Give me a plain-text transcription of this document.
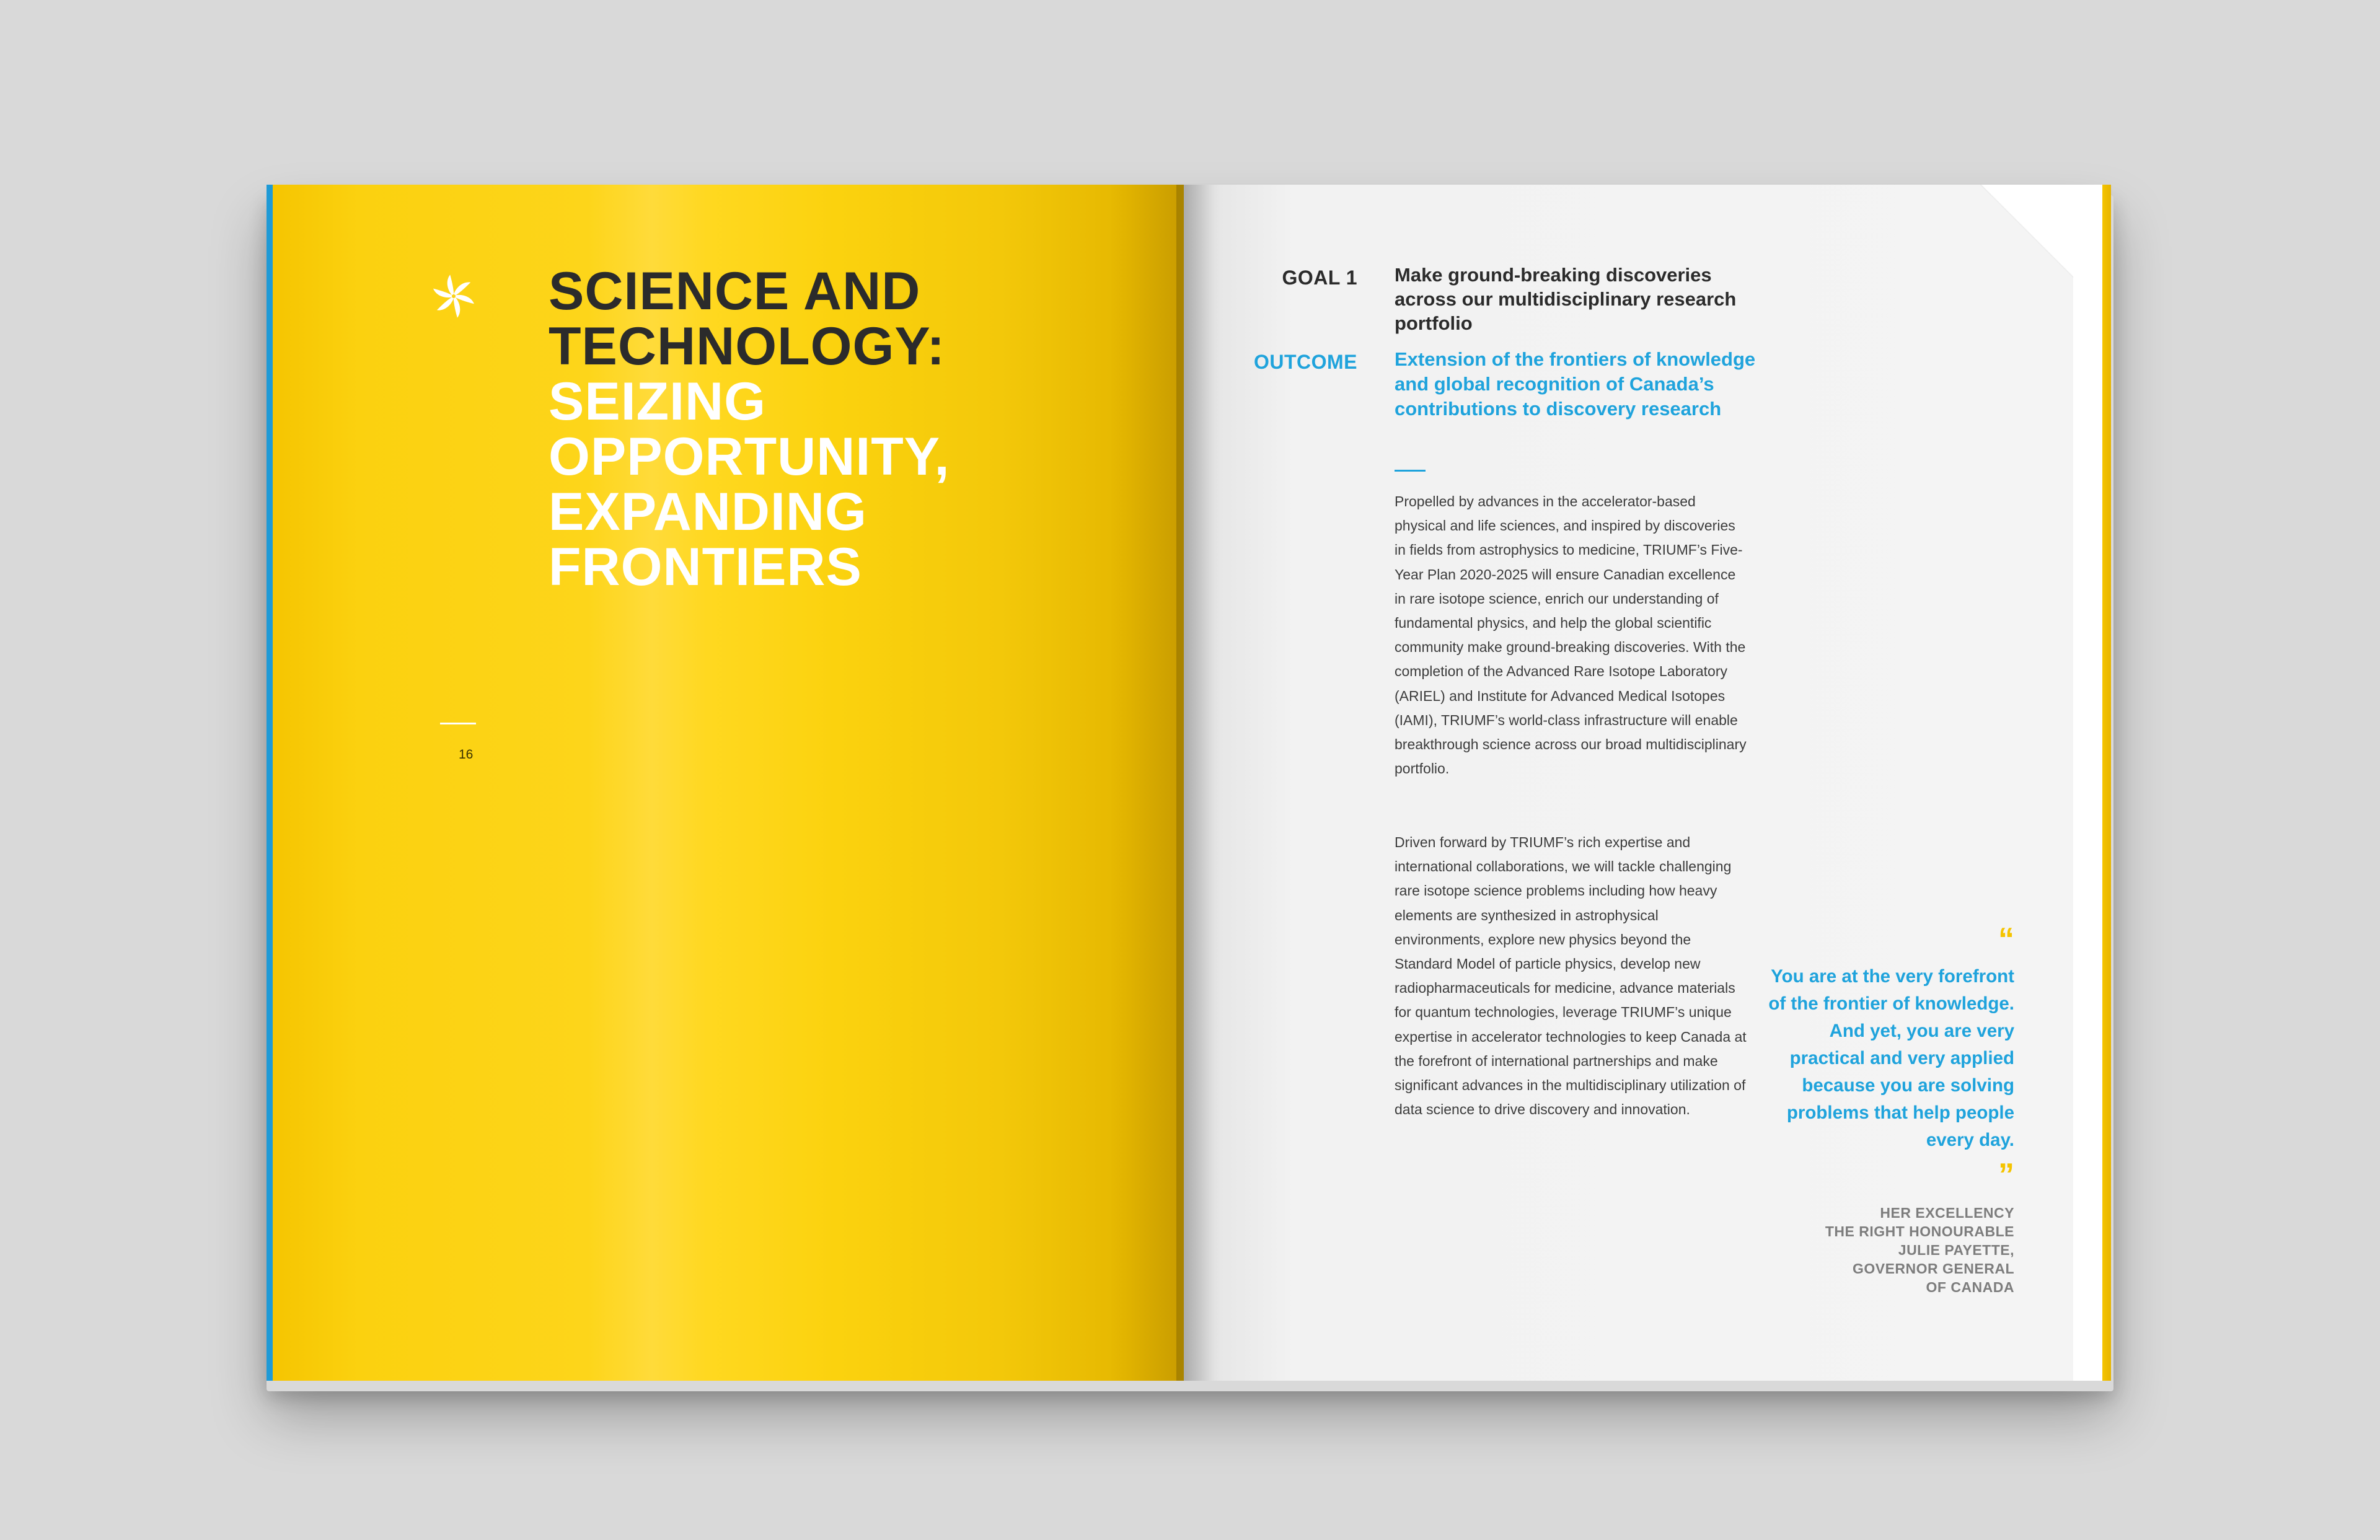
SCIENCE AND
TECHNOLOGY:
SEIZING
OPPORTUNITY,
EXPANDING
FRONTIERS
16
GOAL 1 Make ground-breaking discoveries across our multidisciplinary research portfolio
OUTCOME Extension of the frontiers of knowledge and global recognition of Canada’s contributions to discovery research

Propelled by advances in the accelerator-based physical and life sciences, and inspired by discoveries in fields from astrophysics to medicine, TRIUMF’s Five-Year Plan 2020-2025 will ensure Canadian excellence in rare isotope science, enrich our understanding of fundamental physics, and help the global scientific community make ground-breaking discoveries. With the completion of the Advanced Rare Isotope Laboratory (ARIEL) and Institute for Advanced Medical Isotopes (IAMI), TRIUMF’s world-class infrastructure will enable breakthrough science across our broad multidisciplinary portfolio.

Driven forward by TRIUMF’s rich expertise and international collaborations, we will tackle challenging rare isotope science problems including how heavy elements are synthesized in astrophysical environments, explore new physics beyond the Standard Model of particle physics, develop new radiopharmaceuticals for medicine, advance materials for quantum technologies, leverage TRIUMF’s unique expertise in accelerator technologies to keep Canada at the forefront of international partnerships and make significant advances in the multidisciplinary utilization of data science to drive discovery and innovation.

“
You are at the very forefront of the frontier of knowledge. And yet, you are very practical and very applied because you are solving problems that help people every day.
”
HER EXCELLENCY
THE RIGHT HONOURABLE
JULIE PAYETTE,
GOVERNOR GENERAL
OF CANADA
